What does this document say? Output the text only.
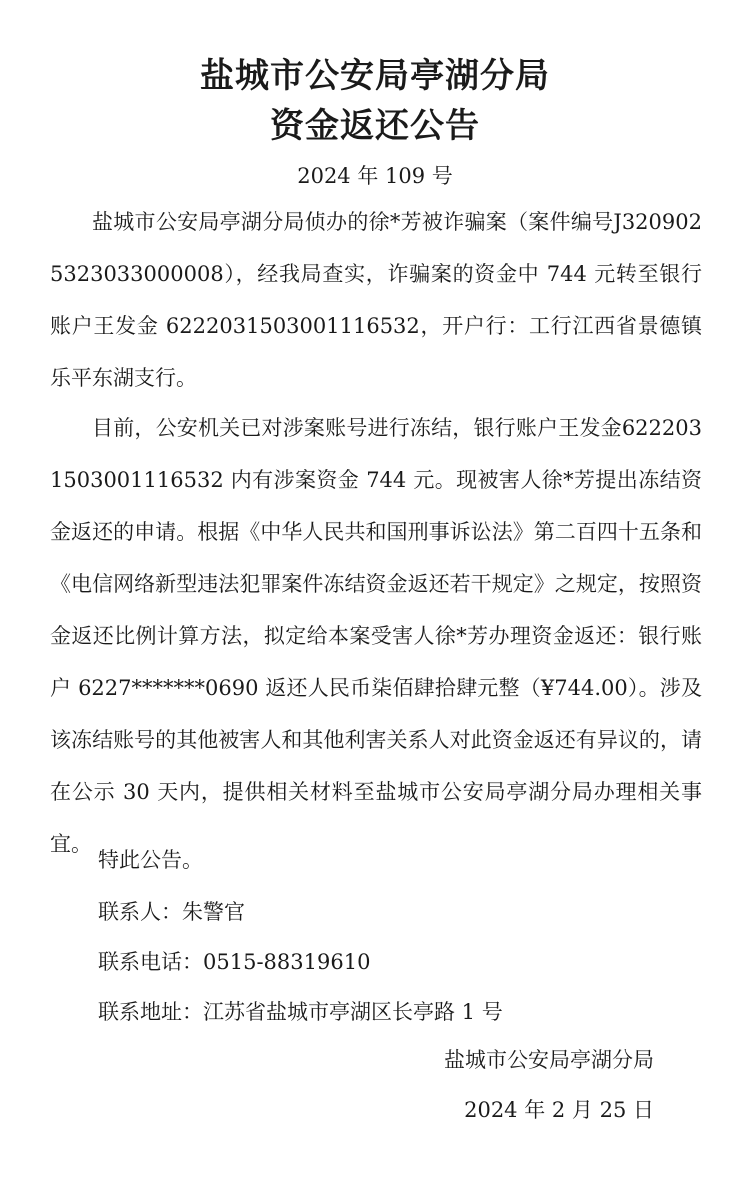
盐城市公安局亭湖分局
资金返还公告
2024 年 109 号

盐城市公安局亭湖分局侦办的徐*芳被诈骗案（案件编号J3209025323033000008），经我局查实，诈骗案的资金中 744 元转至银行账户王发金 6222031503001116532，开户行：工行江西省景德镇乐平东湖支行。

目前，公安机关已对涉案账号进行冻结，银行账户王发金6222031503001116532 内有涉案资金 744 元。现被害人徐*芳提出冻结资金返还的申请。根据《中华人民共和国刑事诉讼法》第二百四十五条和《电信网络新型违法犯罪案件冻结资金返还若干规定》之规定，按照资金返还比例计算方法，拟定给本案受害人徐*芳办理资金返还：银行账户 6227*******0690 返还人民币柒佰肆拾肆元整（¥744.00）。涉及该冻结账号的其他被害人和其他利害关系人对此资金返还有异议的，请在公示 30 天内，提供相关材料至盐城市公安局亭湖分局办理相关事宜。

特此公告。
联系人：朱警官
联系电话：0515-88319610
联系地址：江苏省盐城市亭湖区长亭路 1 号
盐城市公安局亭湖分局
2024 年 2 月 25 日
